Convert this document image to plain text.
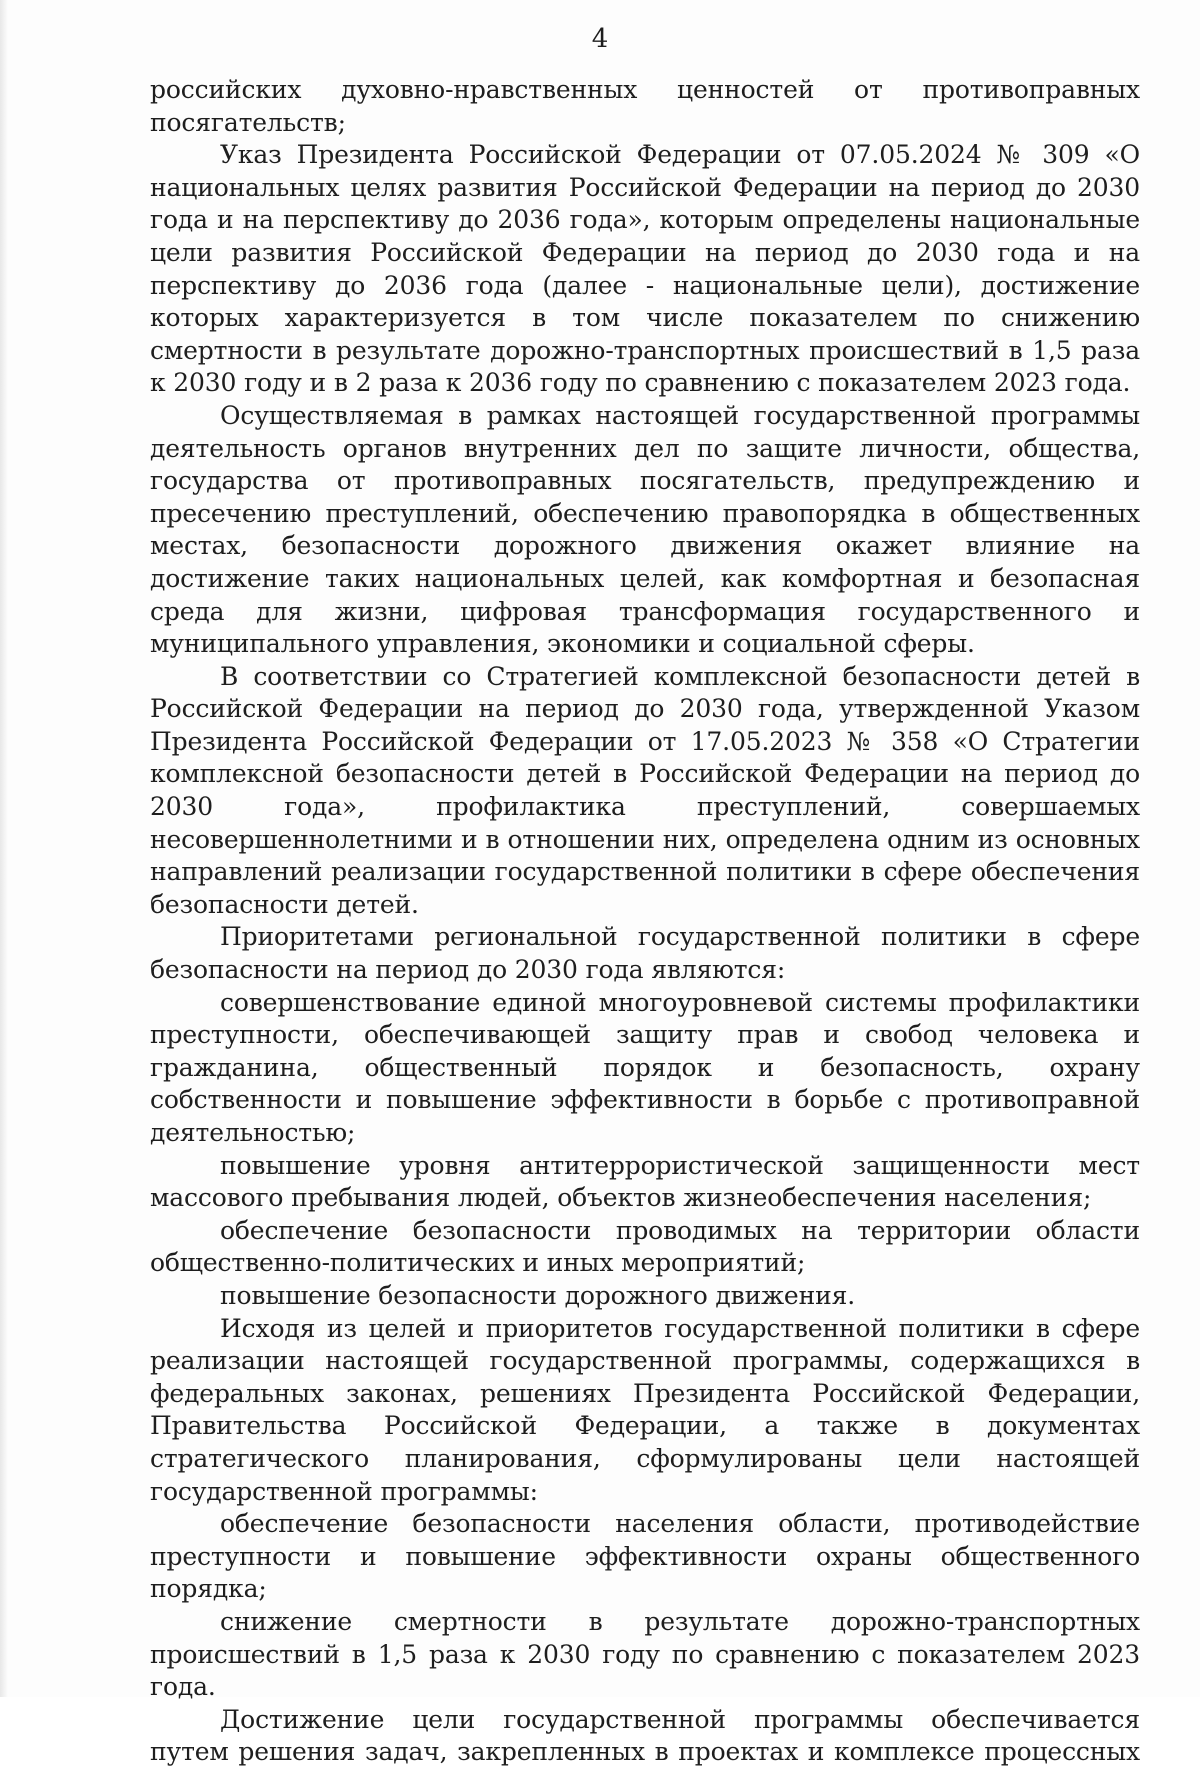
4

российских духовно-нравственных ценностей от противоправных посягательств;

Указ Президента Российской Федерации от 07.05.2024 № 309 «О национальных целях развития Российской Федерации на период до 2030 года и на перспективу до 2036 года», которым определены национальные цели развития Российской Федерации на период до 2030 года и на перспективу до 2036 года (далее - национальные цели), достижение которых характеризуется в том числе показателем по снижению смертности в результате дорожно-транспортных происшествий в 1,5 раза к 2030 году и в 2 раза к 2036 году по сравнению с показателем 2023 года.

Осуществляемая в рамках настоящей государственной программы деятельность органов внутренних дел по защите личности, общества, государства от противоправных посягательств, предупреждению и пресечению преступлений, обеспечению правопорядка в общественных местах, безопасности дорожного движения окажет влияние на достижение таких национальных целей, как комфортная и безопасная среда для жизни, цифровая трансформация государственного и муниципального управления, экономики и социальной сферы.

В соответствии со Стратегией комплексной безопасности детей в Российской Федерации на период до 2030 года, утвержденной Указом Президента Российской Федерации от 17.05.2023 № 358 «О Стратегии комплексной безопасности детей в Российской Федерации на период до 2030 года», профилактика преступлений, совершаемых несовершеннолетними и в отношении них, определена одним из основных направлений реализации государственной политики в сфере обеспечения безопасности детей.

Приоритетами региональной государственной политики в сфере безопасности на период до 2030 года являются:

совершенствование единой многоуровневой системы профилактики преступности, обеспечивающей защиту прав и свобод человека и гражданина, общественный порядок и безопасность, охрану собственности и повышение эффективности в борьбе с противоправной деятельностью;

повышение уровня антитеррористической защищенности мест массового пребывания людей, объектов жизнеобеспечения населения;

обеспечение безопасности проводимых на территории области общественно-политических и иных мероприятий;

повышение безопасности дорожного движения.

Исходя из целей и приоритетов государственной политики в сфере реализации настоящей государственной программы, содержащихся в федеральных законах, решениях Президента Российской Федерации, Правительства Российской Федерации, а также в документах стратегического планирования, сформулированы цели настоящей государственной программы:

обеспечение безопасности населения области, противодействие преступности и повышение эффективности охраны общественного порядка;

снижение смертности в результате дорожно-транспортных происшествий в 1,5 раза к 2030 году по сравнению с показателем 2023 года.

Достижение цели государственной программы обеспечивается путем решения задач, закрепленных в проектах и комплексе процессных
